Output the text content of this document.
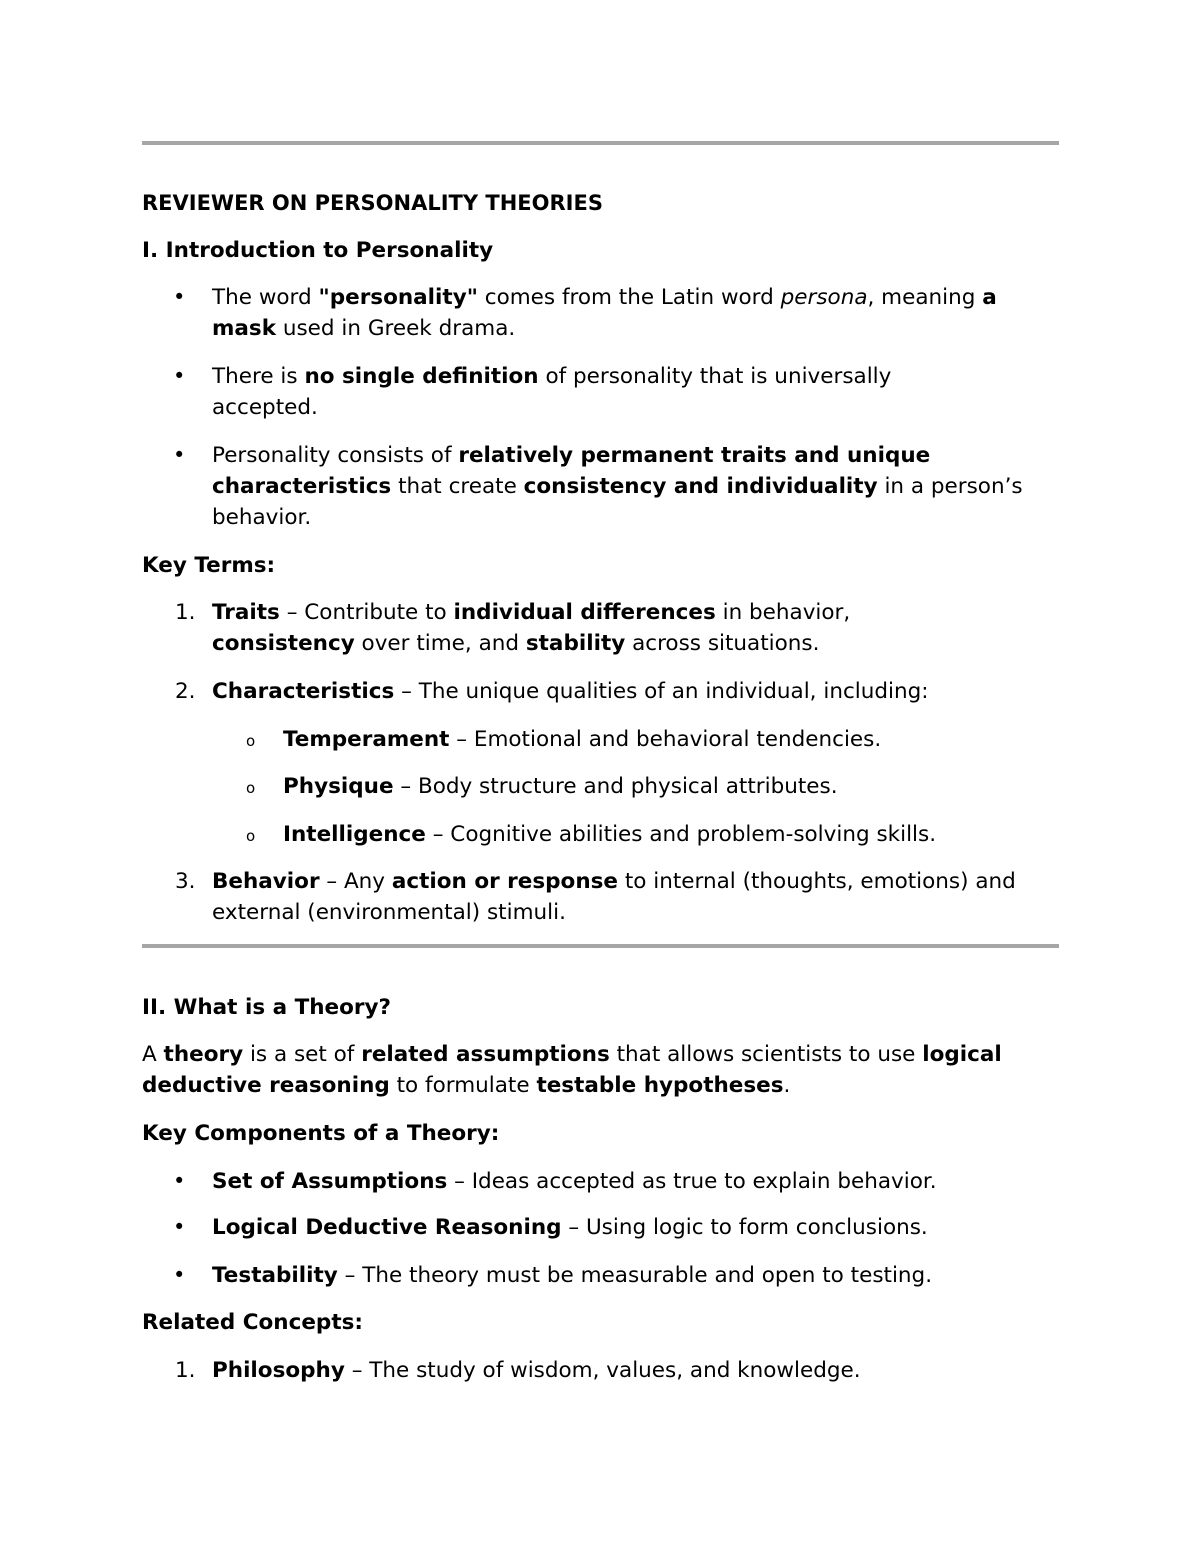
REVIEWER ON PERSONALITY THEORIES
I. Introduction to Personality
•	The word "personality" comes from the Latin word persona, meaning a mask used in Greek drama.
•	There is no single definition of personality that is universally accepted.
•	Personality consists of relatively permanent traits and unique characteristics that create consistency and individuality in a person’s behavior.
Key Terms:
1. Traits – Contribute to individual differences in behavior, consistency over time, and stability across situations.
2. Characteristics – The unique qualities of an individual, including:
o	Temperament – Emotional and behavioral tendencies.
o	Physique – Body structure and physical attributes.
o	Intelligence – Cognitive abilities and problem-solving skills.
3. Behavior – Any action or response to internal (thoughts, emotions) and external (environmental) stimuli.
II. What is a Theory?
A theory is a set of related assumptions that allows scientists to use logical deductive reasoning to formulate testable hypotheses.
Key Components of a Theory:
•	Set of Assumptions – Ideas accepted as true to explain behavior.
•	Logical Deductive Reasoning – Using logic to form conclusions.
•	Testability – The theory must be measurable and open to testing.
Related Concepts:
1. Philosophy – The study of wisdom, values, and knowledge.
